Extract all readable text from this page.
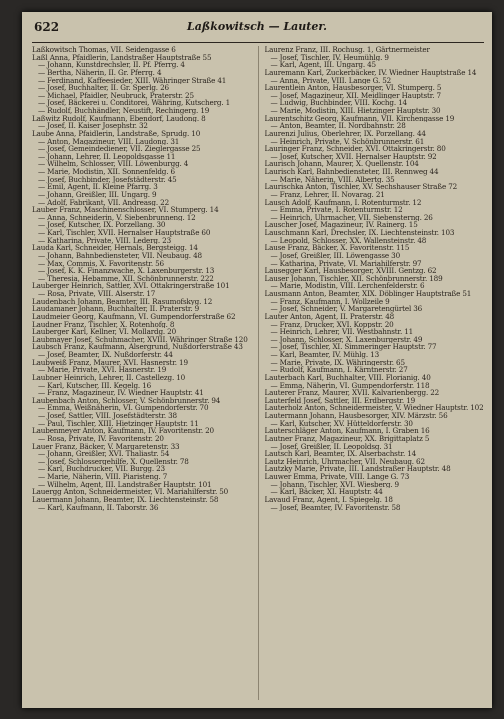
622	Laßkowitsch — Lauter.
Laßkowitsch Thomas, VII. Seidengasse 6
Laßl Anna, Pfaidlerin, Landstraßer Hauptstraße 55
— Johann, Kunstdrechsler, II. Pf. Pferrg. 4
— Bertha, Näherin, II. Gr. Pferrg. 4
— Ferdinand, Kaffeesieder, XIII. Währinger Straße 41
— Josef, Buchhalter, II. Gr. Sperlg. 26
— Michael, Pfaidler, Neubruck, Praterstr. 25
— Josef, Bäckerei u. Conditorei, Währing, Kutscherg. 1
— Rudolf, Buchhändler, Neustift, Rechingerg. 19
Laßwitz Rudolf, Kaufmann, Ebendorf, Laudong. 8
— Josef, II. Kaiser Josephstr. 32
Laube Anna, Pfaidlerin, Landstraße, Sprudg. 10
— Anton, Magazineur, VIII. Laudong. 31
— Josef, Gemeindediener, VII. Zieglergasse 25
— Johann, Lehrer, II. Leopoldsgasse 11
— Wilhelm, Schlosser, VIII. Löwenburgg. 4
— Marie, Modistin, XII. Sonnenfeldg. 6
— Josef, Buchbinder, Josefstädterstr. 45
— Emil, Agent, II. Kleine Pfarrg. 3
— Johann, Greißler, III. Ungarg. 9
— Adolf, Fabrikant, VII. Andreasg. 22
Lauber Franz, Maschinenschlosser, VI. Stumperg. 14
— Anna, Schneiderin, V. Siebenbrunneng. 12
— Josef, Kutscher, IX. Porzellang. 30
— Karl, Tischler, XVII. Hernalser Hauptstraße 60
— Katharina, Private, VIII. Lederg. 23
Lauda Karl, Schneider, Hernals, Bergsteigg. 14
— Johann, Bahnbediensteter, VII. Neubaug. 48
— Max, Commis, X. Favoritenstr. 56
— Josef, K. K. Finanzwache, X. Laxenburgerstr. 13
— Theresia, Hebamme, XII. Schönbrunnerstr. 222
Lauberger Heinrich, Sattler, XVI. Ottakringerstraße 101
— Rosa, Private, VIII. Alserstr. 17
Laudenbach Johann, Beamter, III. Rasumofskyg. 12
Laudamaner Johann, Buchhalter, II. Praterstr. 9
Laudmeier Georg, Kaufmann, VI. Gumpendorferstraße 62
Laudner Franz, Tischler, X. Rotenhofg. 8
Lauberger Karl, Kellner, VI. Mollardg. 20
Laubmayer Josef, Schuhmacher, XVIII. Währinger Straße 120
Laubsch Franz, Kaufmann, Alsergrund, Nußdorferstraße 43
— Josef, Beamter, IX. Nußdorferstr. 44
Laubweiß Franz, Maurer, XVI. Hasnerstr. 19
— Marie, Private, XVI. Hasnerstr. 19
Laubner Heinrich, Lehrer, II. Castellezg. 10
— Karl, Kutscher, III. Kegelg. 16
— Franz, Magazineur, IV. Wiedner Hauptstr. 41
Laubenbach Anton, Schlosser, V. Schönbrunnerstr. 94
— Emma, Weißnäherin, VI. Gumpendorferstr. 70
— Josef, Sattler, VIII. Josefstädterstr. 38
— Paul, Tischler, XIII. Hietzinger Hauptstr. 11
Laubenmeyer Anton, Kaufmann, IV. Favoritenstr. 20
— Rosa, Private, IV. Favoritenstr. 20
Lauer Franz, Bäcker, V. Margaretenstr. 33
— Johann, Greißler, XVI. Thaliastr. 54
— Josef, Schlossergehilfe, X. Quellenstr. 78
— Karl, Buchdrucker, VII. Burgg. 23
— Marie, Näherin, VIII. Piaristeng. 7
— Wilhelm, Agent, III. Landstraßer Hauptstr. 101
Lauergg Anton, Schneidermeister, VI. Mariahilferstr. 50
Lauermann Johann, Beamter, IX. Liechtensteinstr. 58
— Karl, Kaufmann, II. Taborstr. 36
Laurenz Franz, III. Rochusg. 1, Gärtnermeister
— Josef, Tischler, IV. Heumühlg. 9
— Karl, Agent, III. Ungarg. 45
Lauremann Karl, Zuckerbäcker, IV. Wiedner Hauptstraße 14
— Anna, Private, VIII. Lange G. 52
Laurentlein Anton, Hausbesorger, VI. Stumperg. 5
— Josef, Magazineur, XII. Meidlinger Hauptstr. 7
— Ludwig, Buchbinder, VIII. Kochg. 14
— Marie, Modistin, XIII. Hietzinger Hauptstr. 30
Laurentschitz Georg, Kaufmann, VII. Kirchengasse 19
— Anton, Beamter, II. Nordbahnstr. 28
Laurenzi Julius, Oberlehrer, IX. Porzellang. 44
— Heinrich, Private, V. Schönbrunnerstr. 61
Lauringer Franz, Schneider, XVI. Ottakringerstr. 80
— Josef, Kutscher, XVII. Hernalser Hauptstr. 92
Laurisch Johann, Maurer, X. Quellenstr. 104
Laurisch Karl, Bahnbediensteter, III. Rennweg 44
— Marie, Näherin, VIII. Albertg. 35
Laurischka Anton, Tischler, XV. Sechshauser Straße 72
— Franz, Lehrer, II. Novarag. 21
Lausch Adolf, Kaufmann, I. Rotenturmstr. 12
— Emma, Private, I. Rotenturmstr. 12
— Heinrich, Uhrmacher, VII. Siebensterng. 26
Lauscher Josef, Magazineur, IV. Rainerg. 15
Lauschmann Karl, Drechsler, IX. Liechtensteinstr. 103
— Leopold, Schlosser, XX. Wallensteinstr. 48
Lause Franz, Bäcker, X. Favoritenstr. 115
— Josef, Greißler, III. Löwengasse 30
— Katharina, Private, VI. Mariahilferstr. 97
Lausegger Karl, Hausbesorger, XVIII. Gentzg. 62
Lauser Johann, Tischler, XII. Schönbrunnerstr. 189
— Marie, Modistin, VIII. Lerchenfelderstr. 6
Lausmann Anton, Beamter, XIX. Döblinger Hauptstraße 51
— Franz, Kaufmann, I. Wollzeile 9
— Josef, Schneider, V. Margaretengürtel 36
Lauter Anton, Agent, II. Praterstr. 48
— Franz, Drucker, XVI. Koppstr. 20
— Heinrich, Lehrer, VII. Westbahnstr. 11
— Johann, Schlosser, X. Laxenburgerstr. 49
— Josef, Tischler, XI. Simmeringer Hauptstr. 77
— Karl, Beamter, IV. Mühlg. 13
— Marie, Private, IX. Währingerstr. 65
— Rudolf, Kaufmann, I. Kärntnerstr. 27
Lauterbach Karl, Buchhalter, VIII. Florianig. 40
— Emma, Näherin, VI. Gumpendorferstr. 118
Lauterer Franz, Maurer, XVII. Kalvarienbergg. 22
Lauterfeld Josef, Sattler, III. Erdbergstr. 19
Lauterholz Anton, Schneidermeister, V. Wiedner Hauptstr. 102
Lautermann Johann, Hausbesorger, XIV. Märzstr. 56
— Karl, Kutscher, XV. Hütteldorferstr. 30
Lauterschläger Anton, Kaufmann, I. Graben 16
Lautner Franz, Magazineur, XX. Brigittaplatz 5
— Josef, Greißler, II. Leopoldsg. 31
Lautsch Karl, Beamter, IX. Alserbachstr. 14
Lautz Heinrich, Uhrmacher, VII. Neubaug. 62
Lautzky Marie, Private, III. Landstraßer Hauptstr. 48
Lauwer Emma, Private, VIII. Lange G. 73
— Johann, Tischler, XVI. Wiesberg. 9
— Karl, Bäcker, XI. Hauptstr. 44
Lavaud Franz, Agent, I. Spiegelg. 18
— Josef, Beamter, IV. Favoritenstr. 58
